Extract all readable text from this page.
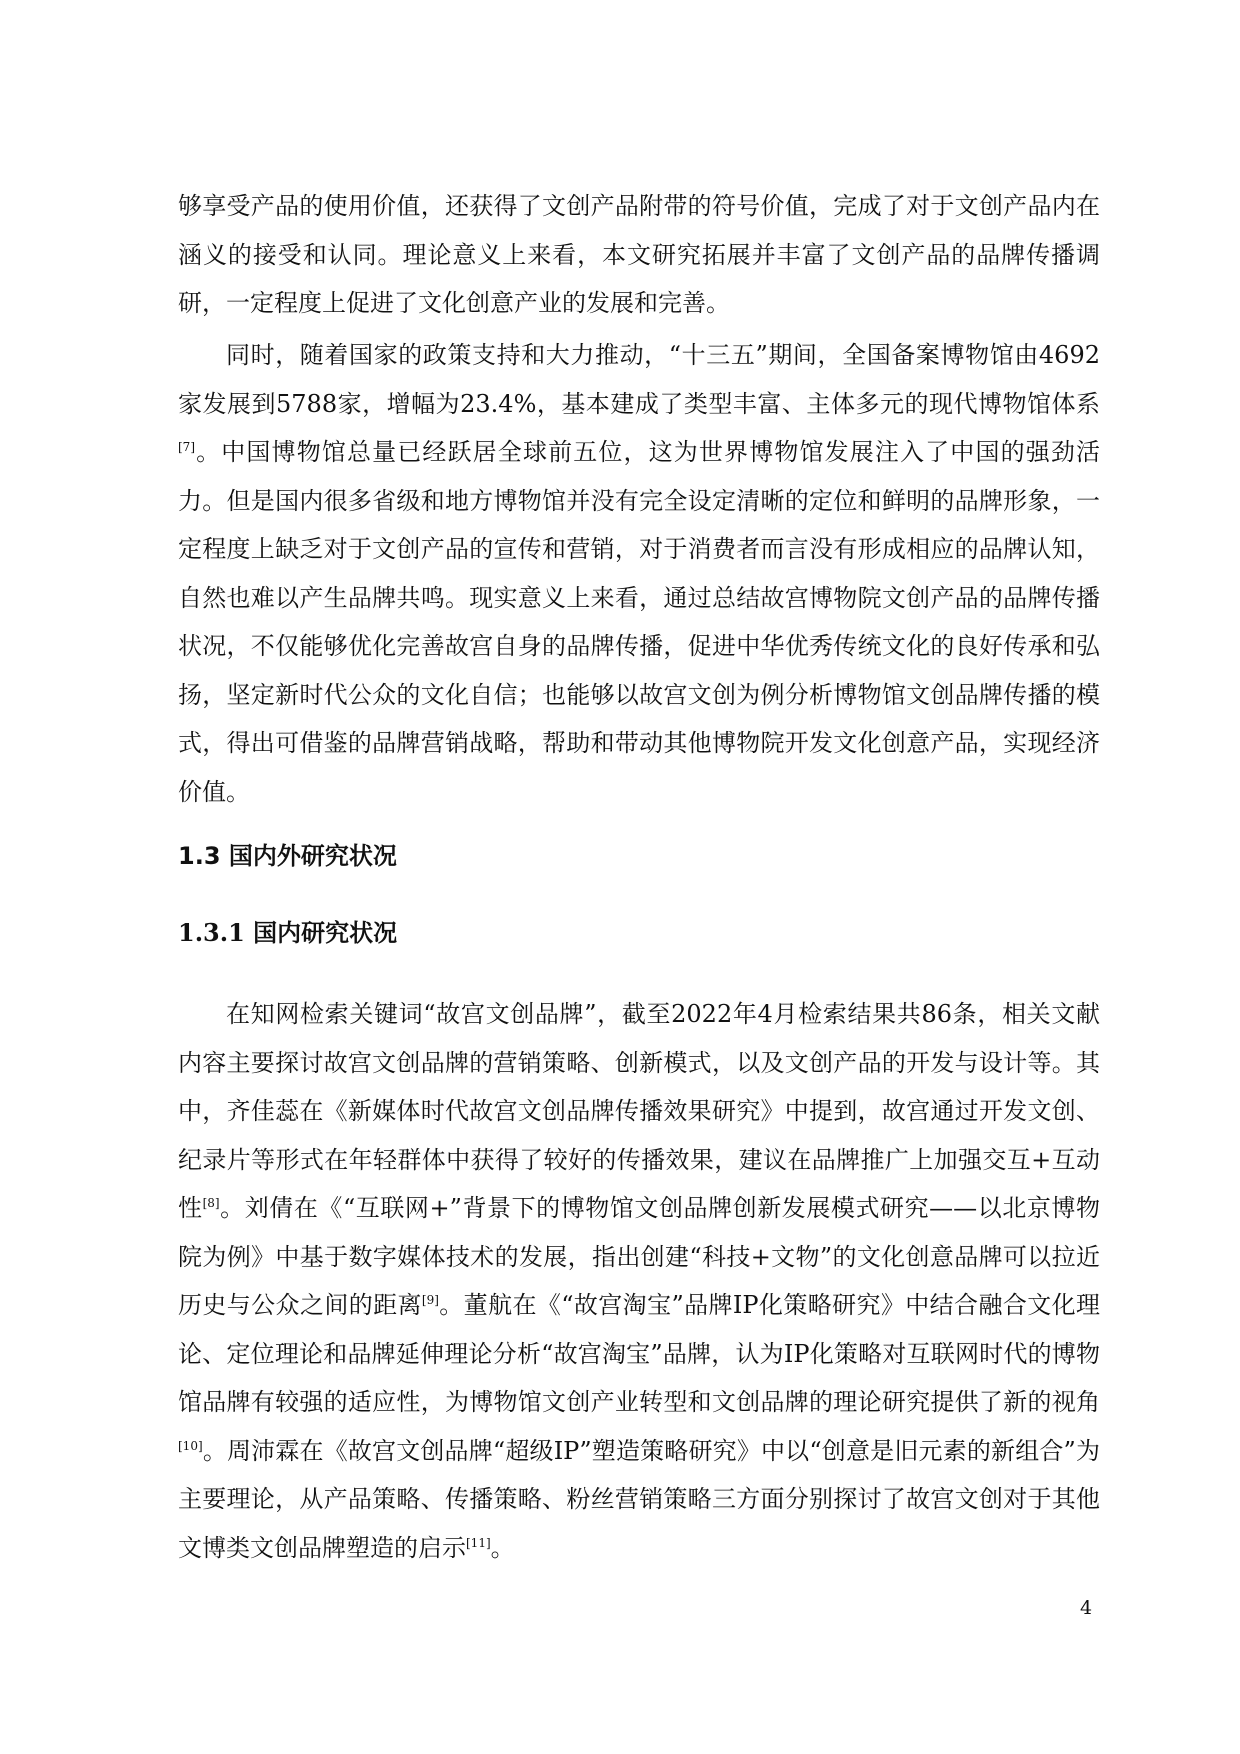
够享受产品的使用价值，还获得了文创产品附带的符号价值，完成了对于文创产品内在涵义的接受和认同。理论意义上来看，本文研究拓展并丰富了文创产品的品牌传播调研，一定程度上促进了文化创意产业的发展和完善。

同时，随着国家的政策支持和大力推动，“十三五”期间，全国备案博物馆由4692家发展到5788家，增幅为23.4%，基本建成了类型丰富、主体多元的现代博物馆体系[7]。中国博物馆总量已经跃居全球前五位，这为世界博物馆发展注入了中国的强劲活力。但是国内很多省级和地方博物馆并没有完全设定清晰的定位和鲜明的品牌形象，一定程度上缺乏对于文创产品的宣传和营销，对于消费者而言没有形成相应的品牌认知，自然也难以产生品牌共鸣。现实意义上来看，通过总结故宫博物院文创产品的品牌传播状况，不仅能够优化完善故宫自身的品牌传播，促进中华优秀传统文化的良好传承和弘扬，坚定新时代公众的文化自信；也能够以故宫文创为例分析博物馆文创品牌传播的模式，得出可借鉴的品牌营销战略，帮助和带动其他博物院开发文化创意产品，实现经济价值。

1.3 国内外研究状况
1.3.1 国内研究状况

在知网检索关键词“故宫文创品牌”，截至2022年4月检索结果共86条，相关文献内容主要探讨故宫文创品牌的营销策略、创新模式，以及文创产品的开发与设计等。其中，齐佳蕊在《新媒体时代故宫文创品牌传播效果研究》中提到，故宫通过开发文创、纪录片等形式在年轻群体中获得了较好的传播效果，建议在品牌推广上加强交互+互动性[8]。刘倩在《“互联网+”背景下的博物馆文创品牌创新发展模式研究——以北京博物院为例》中基于数字媒体技术的发展，指出创建“科技+文物”的文化创意品牌可以拉近历史与公众之间的距离[9]。董航在《“故宫淘宝”品牌IP化策略研究》中结合融合文化理论、定位理论和品牌延伸理论分析“故宫淘宝”品牌，认为IP化策略对互联网时代的博物馆品牌有较强的适应性，为博物馆文创产业转型和文创品牌的理论研究提供了新的视角[10]。周沛霖在《故宫文创品牌“超级IP”塑造策略研究》中以“创意是旧元素的新组合”为主要理论，从产品策略、传播策略、粉丝营销策略三方面分别探讨了故宫文创对于其他文博类文创品牌塑造的启示[11]。

4
